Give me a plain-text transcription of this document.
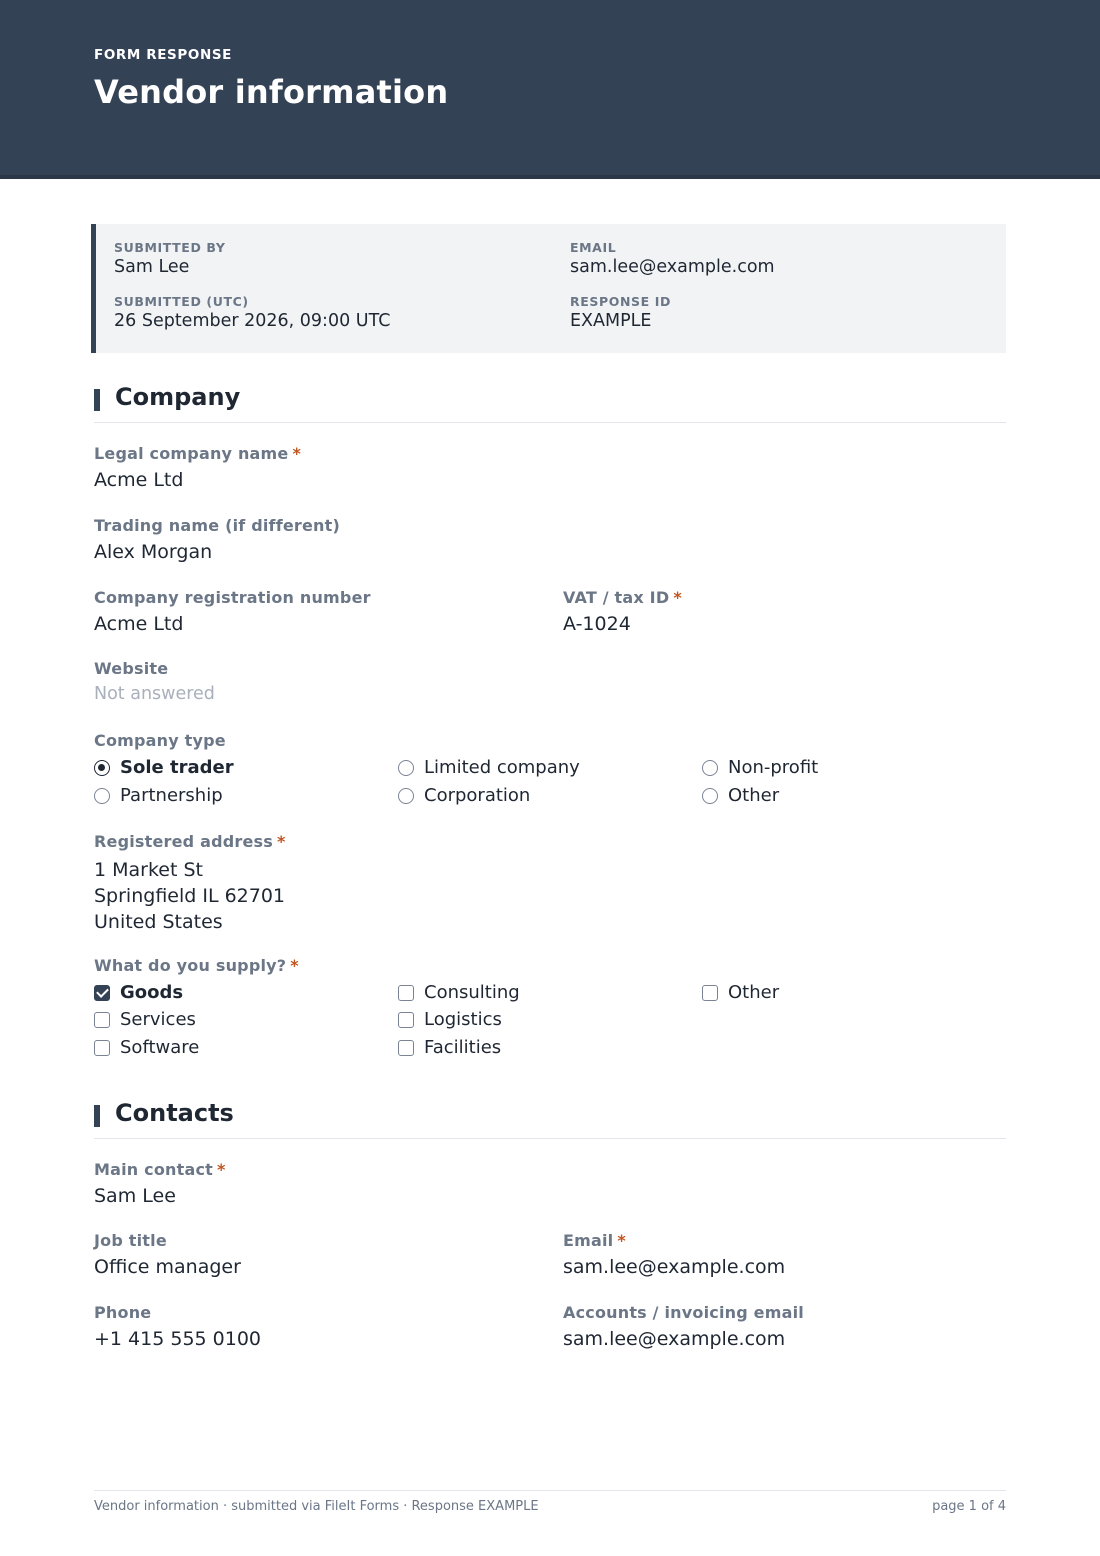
FORM RESPONSE
Vendor information
SUBMITTED BY
Sam Lee
EMAIL
sam.lee@example.com
SUBMITTED (UTC)
26 September 2026, 09:00 UTC
RESPONSE ID
EXAMPLE
Company
Legal company name *
Acme Ltd
Trading name (if different)
Alex Morgan
Company registration number
Acme Ltd
VAT / tax ID *
A-1024
Website
Not answered
Company type
Sole trader	Limited company	Non-profit
Partnership	Corporation	Other
Registered address *
1 Market St
Springfield IL 62701
United States
What do you supply? *
Goods	Consulting	Other
Services	Logistics
Software	Facilities
Contacts
Main contact *
Sam Lee
Job title
Office manager
Email *
sam.lee@example.com
Phone
+1 415 555 0100
Accounts / invoicing email
sam.lee@example.com
Vendor information · submitted via FileIt Forms · Response EXAMPLE	page 1 of 4
